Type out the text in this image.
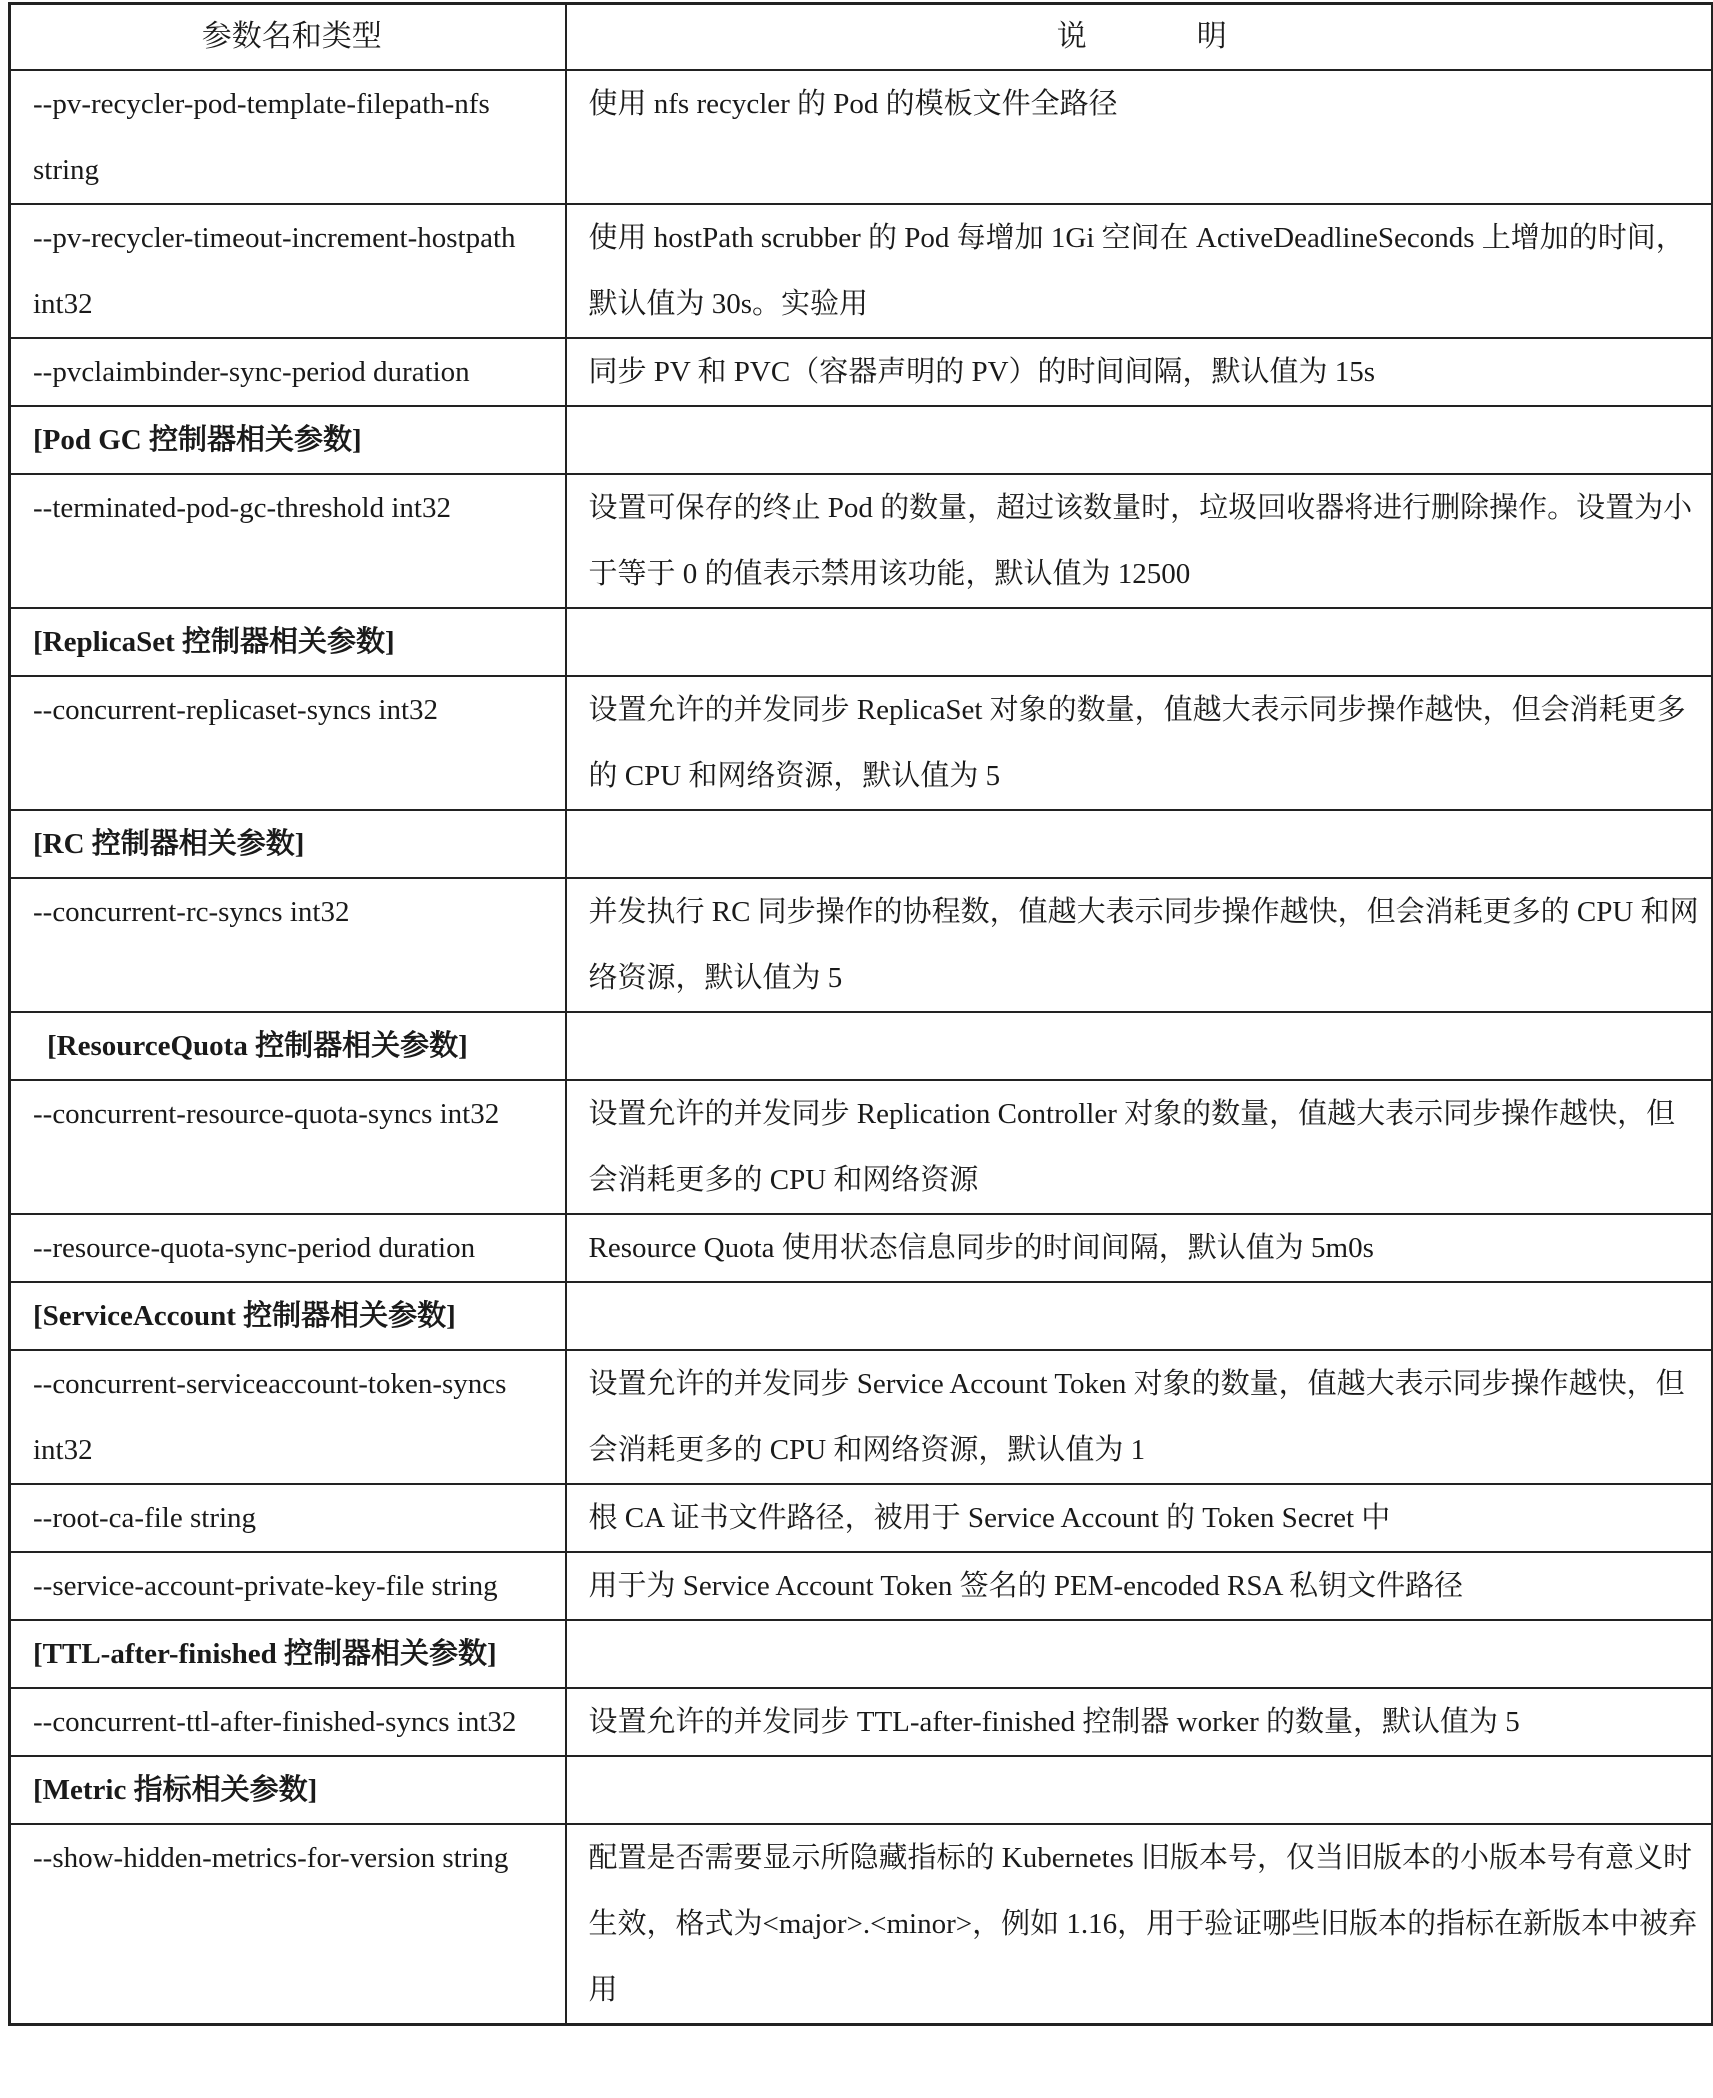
参数名和类型	说　明
--pv-recycler-pod-template-filepath-nfs string	使用 nfs recycler 的 Pod 的模板文件全路径
--pv-recycler-timeout-increment-hostpath int32	使用 hostPath scrubber 的 Pod 每增加 1Gi 空间在 ActiveDeadlineSeconds 上增加的时间，默认值为 30s。实验用
--pvclaimbinder-sync-period duration	同步 PV 和 PVC（容器声明的 PV）的时间间隔，默认值为 15s
[Pod GC 控制器相关参数]	
--terminated-pod-gc-threshold int32	设置可保存的终止 Pod 的数量，超过该数量时，垃圾回收器将进行删除操作。设置为小于等于 0 的值表示禁用该功能，默认值为 12500
[ReplicaSet 控制器相关参数]	
--concurrent-replicaset-syncs int32	设置允许的并发同步 ReplicaSet 对象的数量，值越大表示同步操作越快，但会消耗更多的 CPU 和网络资源，默认值为 5
[RC 控制器相关参数]	
--concurrent-rc-syncs int32	并发执行 RC 同步操作的协程数，值越大表示同步操作越快，但会消耗更多的 CPU 和网络资源，默认值为 5
[ResourceQuota 控制器相关参数]	
--concurrent-resource-quota-syncs int32	设置允许的并发同步 Replication Controller 对象的数量，值越大表示同步操作越快，但会消耗更多的 CPU 和网络资源
--resource-quota-sync-period duration	Resource Quota 使用状态信息同步的时间间隔，默认值为 5m0s
[ServiceAccount 控制器相关参数]	
--concurrent-serviceaccount-token-syncs int32	设置允许的并发同步 Service Account Token 对象的数量，值越大表示同步操作越快，但会消耗更多的 CPU 和网络资源，默认值为 1
--root-ca-file string	根 CA 证书文件路径，被用于 Service Account 的 Token Secret 中
--service-account-private-key-file string	用于为 Service Account Token 签名的 PEM-encoded RSA 私钥文件路径
[TTL-after-finished 控制器相关参数]	
--concurrent-ttl-after-finished-syncs int32	设置允许的并发同步 TTL-after-finished 控制器 worker 的数量，默认值为 5
[Metric 指标相关参数]	
--show-hidden-metrics-for-version string	配置是否需要显示所隐藏指标的 Kubernetes 旧版本号，仅当旧版本的小版本号有意义时生效，格式为<major>.<minor>，例如 1.16，用于验证哪些旧版本的指标在新版本中被弃用
